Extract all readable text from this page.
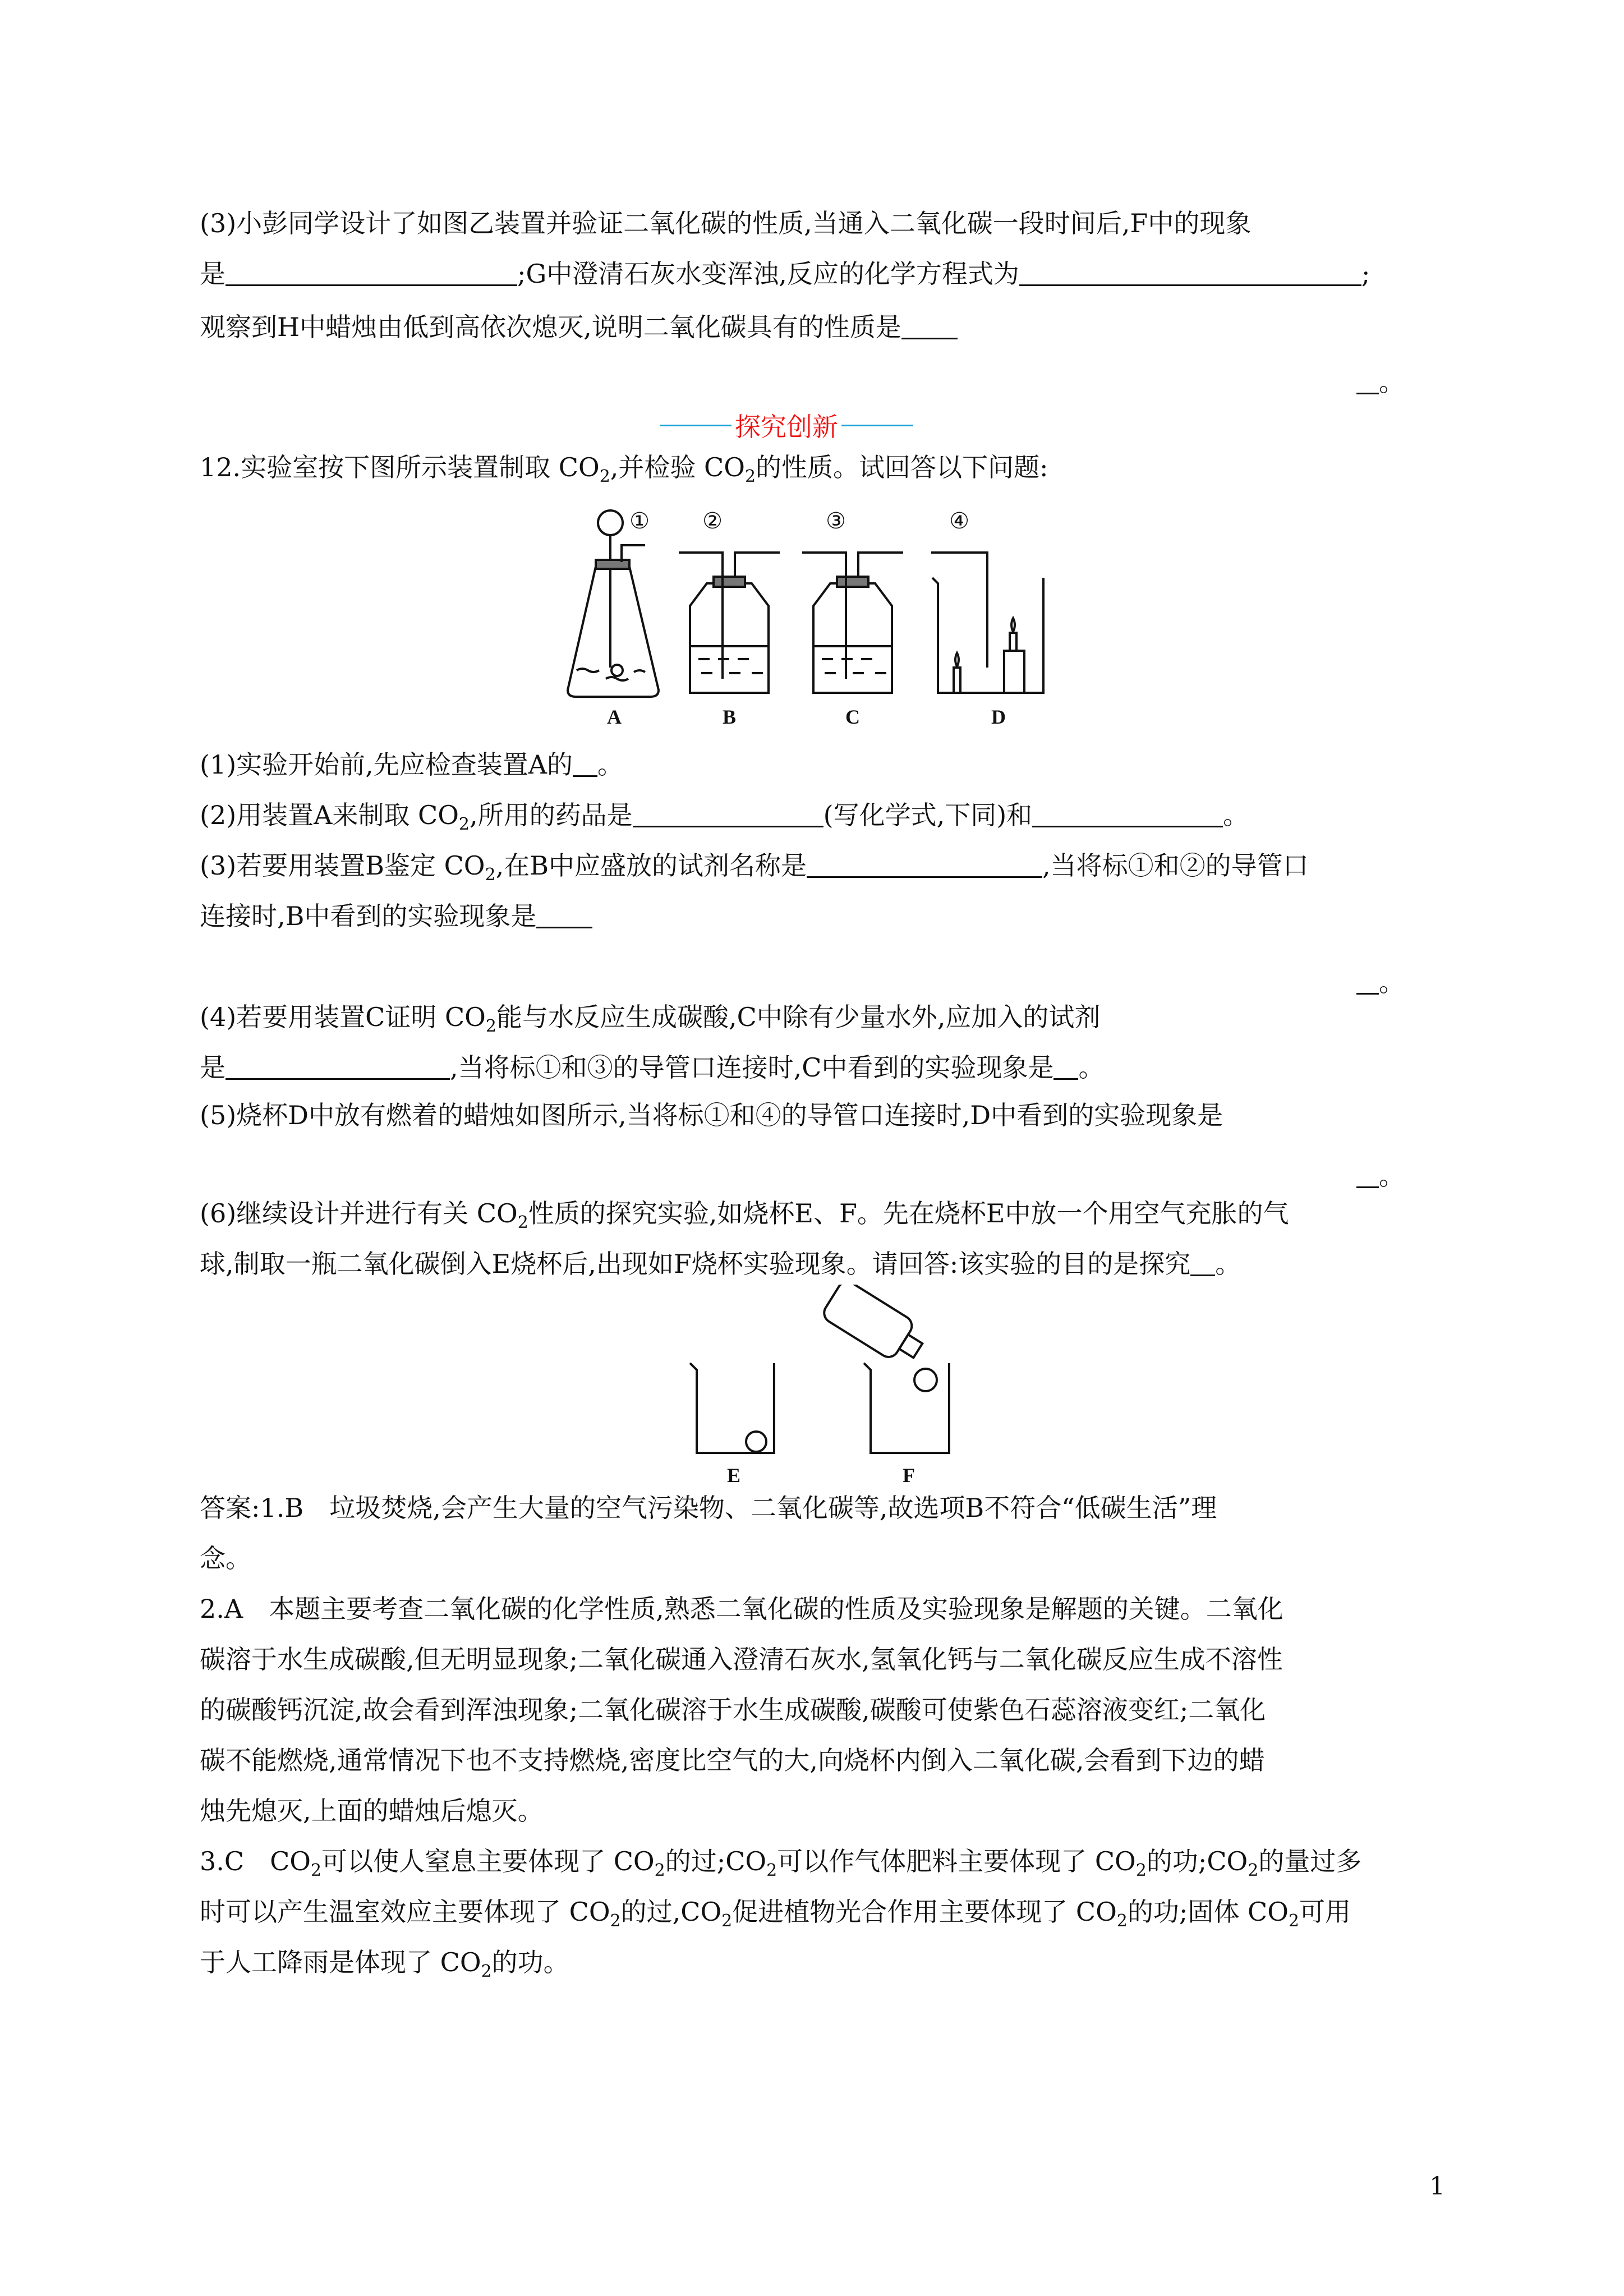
(3)小彭同学设计了如图乙装置并验证二氧化碳的性质,当通入二氧化碳一段时间后,F中的现象
是	;G中澄清石灰水变浑浊,反应的化学方程式为	;
观察到H中蜡烛由低到高依次熄灭,说明二氧化碳具有的性质是
。
探究创新
12.实验室按下图所示装置制取 $CO_2$,并检验 $CO_2$的性质。试回答以下问题:
① ②	③	④
A	B	C	D
(1)实验开始前,先应检查装置A的 。
(2)用装置A来制取 $CO_2$,所用的药品是	(写化学式,下同)和	。
(3)若要用装置B鉴定 $CO_2$,在B中应盛放的试剂名称是	,当将标①和②的导管口
连接时,B中看到的实验现象是
。
(4)若要用装置C证明 $CO_2$能与水反应生成碳酸,C中除有少量水外,应加入的试剂
是	,当将标①和③的导管口连接时,C中看到的实验现象是 。
(5)烧杯D中放有燃着的蜡烛如图所示,当将标①和④的导管口连接时,D中看到的实验现象是
。
(6)继续设计并进行有关 $CO_2$性质的探究实验,如烧杯E、F。先在烧杯E中放一个用空气充胀的气
球,制取一瓶二氧化碳倒入E烧杯后,出现如F烧杯实验现象。请回答:该实验的目的是探究 。
E	F
答案:1.B　垃圾焚烧,会产生大量的空气污染物、二氧化碳等,故选项B不符合“低碳生活”理
念。
2.A　本题主要考查二氧化碳的化学性质,熟悉二氧化碳的性质及实验现象是解题的关键。二氧化
碳溶于水生成碳酸,但无明显现象;二氧化碳通入澄清石灰水,氢氧化钙与二氧化碳反应生成不溶性
的碳酸钙沉淀,故会看到浑浊现象;二氧化碳溶于水生成碳酸,碳酸可使紫色石蕊溶液变红;二氧化
碳不能燃烧,通常情况下也不支持燃烧,密度比空气的大,向烧杯内倒入二氧化碳,会看到下边的蜡
烛先熄灭,上面的蜡烛后熄灭。
3.C　$CO_2$可以使人窒息主要体现了 $CO_2$的过$;CO_2$可以作气体肥料主要体现了 $CO_2$的功$;CO_2$的量过多
时可以产生温室效应主要体现了 $CO_2$的过$,CO_2$促进植物光合作用主要体现了 $CO_2$的功;固体 $CO_2$可用
于人工降雨是体现了 $CO_2$的功。
1
